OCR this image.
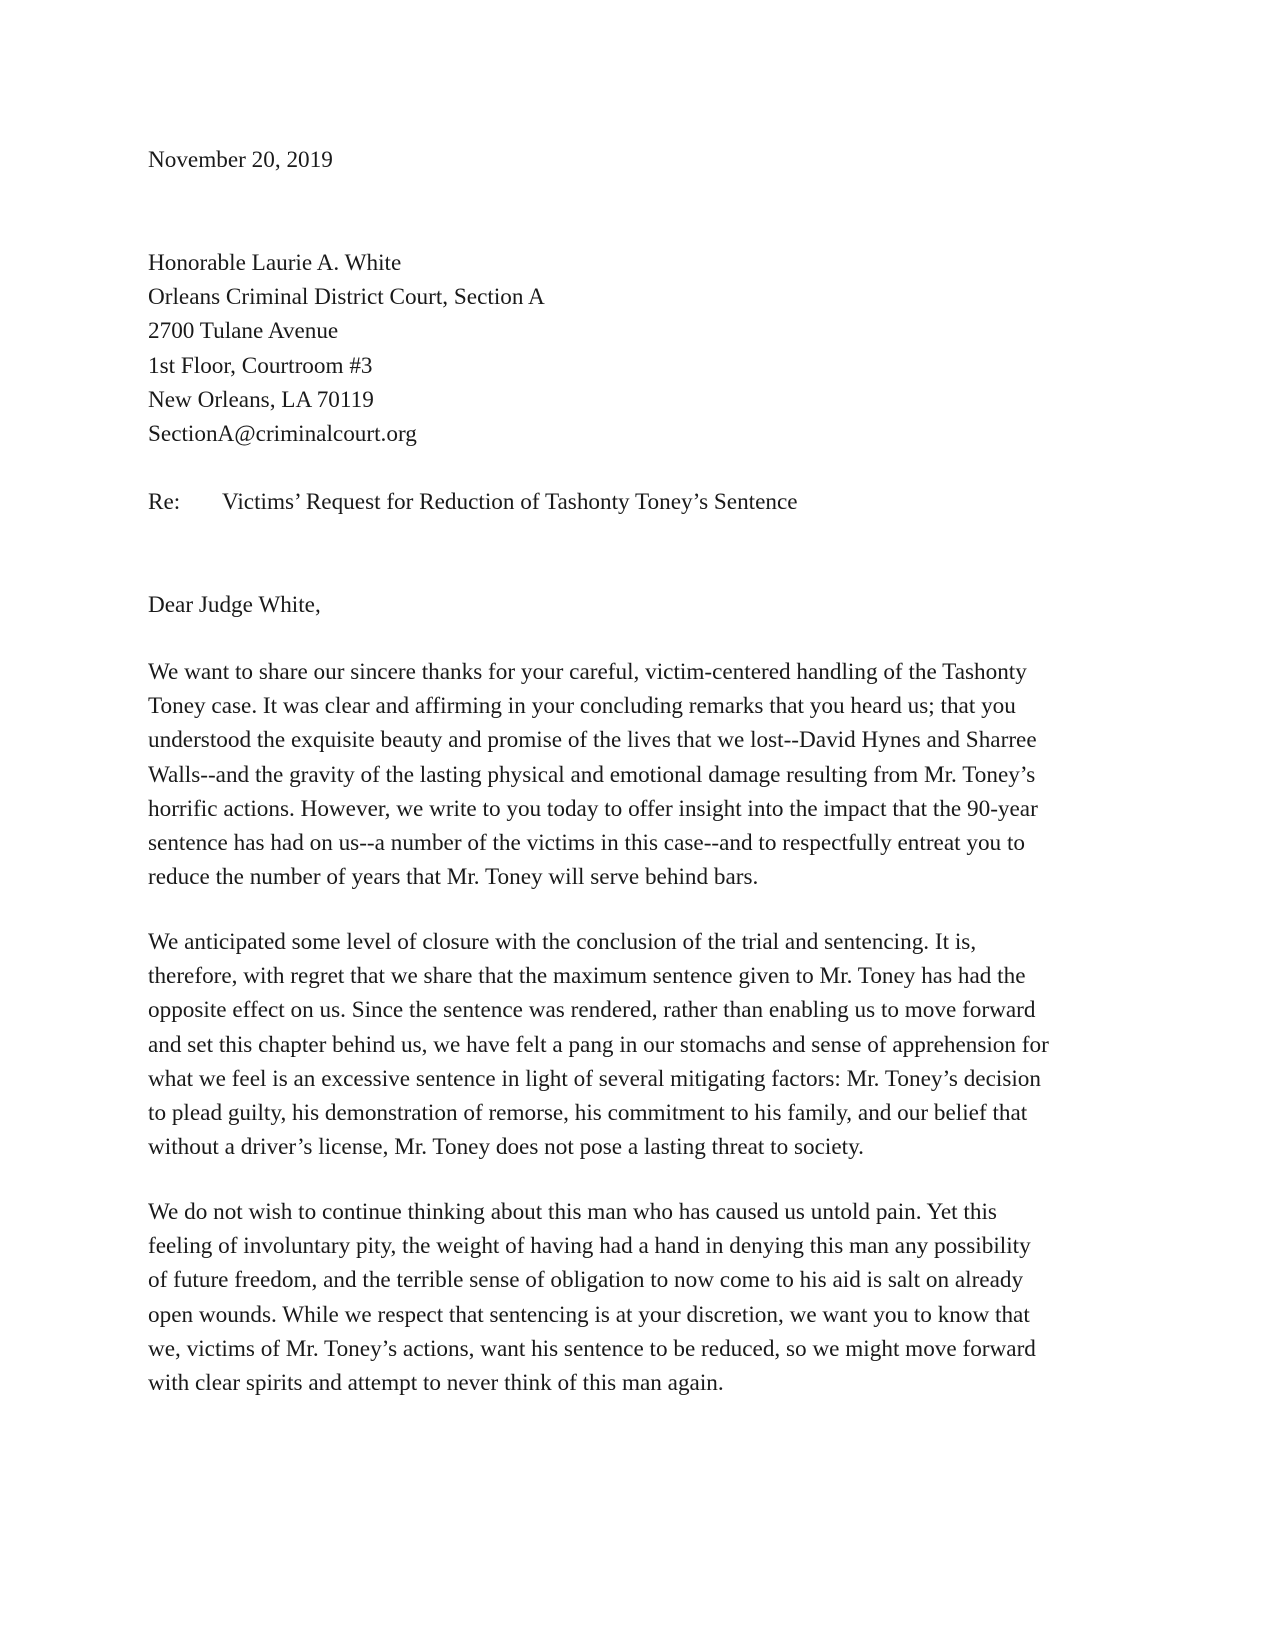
November 20, 2019
Honorable Laurie A. White
Orleans Criminal District Court, Section A
2700 Tulane Avenue
1st Floor, Courtroom #3
New Orleans, LA 70119
SectionA@criminalcourt.org
Re: Victims’ Request for Reduction of Tashonty Toney’s Sentence
Dear Judge White,
We want to share our sincere thanks for your careful, victim-centered handling of the Tashonty
Toney case. It was clear and affirming in your concluding remarks that you heard us; that you
understood the exquisite beauty and promise of the lives that we lost--David Hynes and Sharree
Walls--and the gravity of the lasting physical and emotional damage resulting from Mr. Toney’s
horrific actions. However, we write to you today to offer insight into the impact that the 90-year
sentence has had on us--a number of the victims in this case--and to respectfully entreat you to
reduce the number of years that Mr. Toney will serve behind bars.
We anticipated some level of closure with the conclusion of the trial and sentencing. It is,
therefore, with regret that we share that the maximum sentence given to Mr. Toney has had the
opposite effect on us. Since the sentence was rendered, rather than enabling us to move forward
and set this chapter behind us, we have felt a pang in our stomachs and sense of apprehension for
what we feel is an excessive sentence in light of several mitigating factors: Mr. Toney’s decision
to plead guilty, his demonstration of remorse, his commitment to his family, and our belief that
without a driver’s license, Mr. Toney does not pose a lasting threat to society.
We do not wish to continue thinking about this man who has caused us untold pain. Yet this
feeling of involuntary pity, the weight of having had a hand in denying this man any possibility
of future freedom, and the terrible sense of obligation to now come to his aid is salt on already
open wounds. While we respect that sentencing is at your discretion, we want you to know that
we, victims of Mr. Toney’s actions, want his sentence to be reduced, so we might move forward
with clear spirits and attempt to never think of this man again.
